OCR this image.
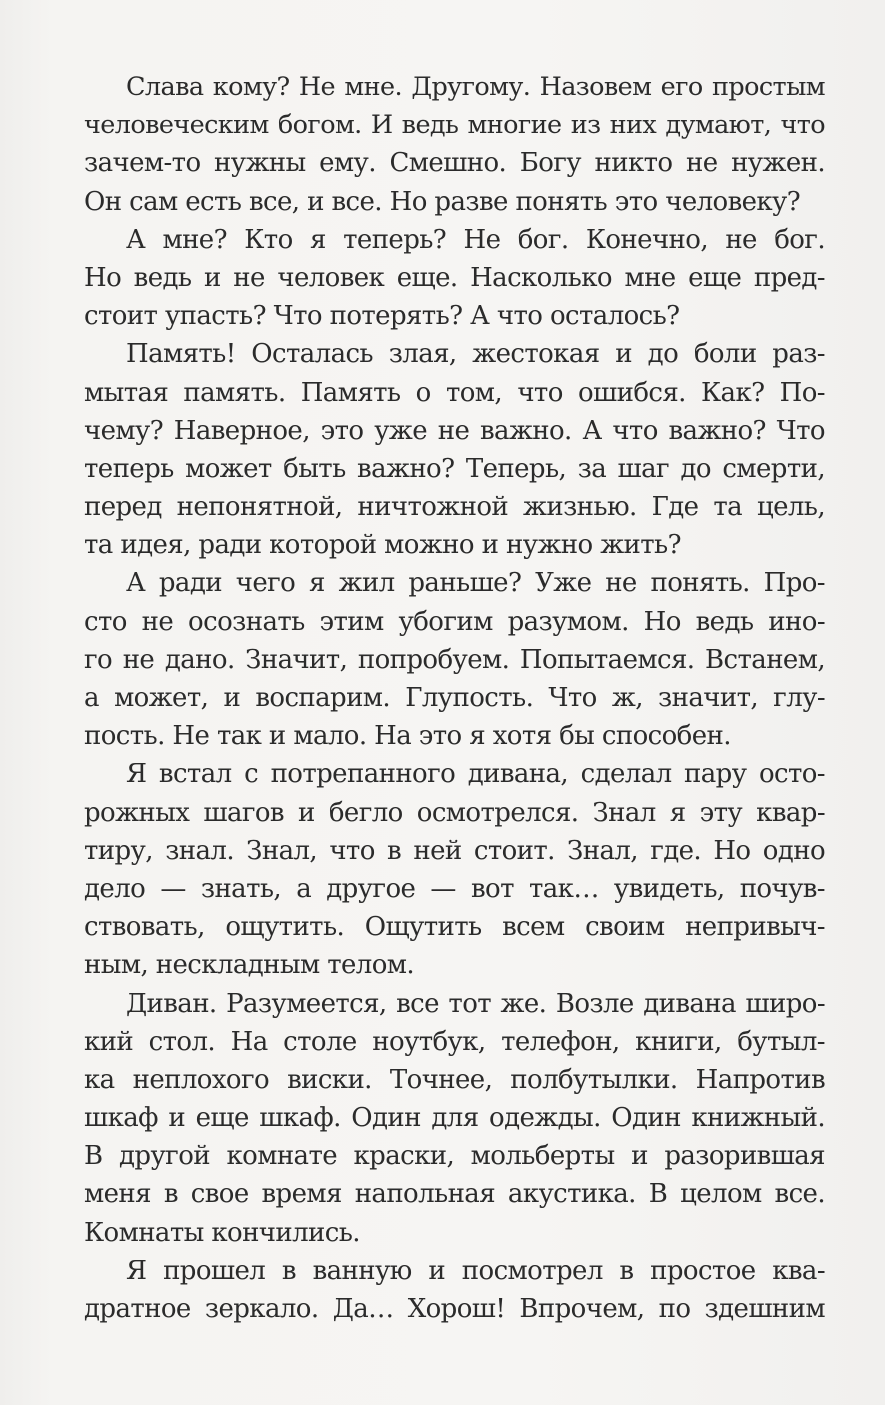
Слава кому? Не мне. Другому. Назовем его простым
человеческим богом. И ведь многие из них думают, что
зачем-то нужны ему. Смешно. Богу никто не нужен.
Он сам есть все, и все. Но разве понять это человеку?
А мне? Кто я теперь? Не бог. Конечно, не бог.
Но ведь и не человек еще. Насколько мне еще пред-
стоит упасть? Что потерять? А что осталось?
Память! Осталась злая, жестокая и до боли раз-
мытая память. Память о том, что ошибся. Как? По-
чему? Наверное, это уже не важно. А что важно? Что
теперь может быть важно? Теперь, за шаг до смерти,
перед непонятной, ничтожной жизнью. Где та цель,
та идея, ради которой можно и нужно жить?
А ради чего я жил раньше? Уже не понять. Про-
сто не осознать этим убогим разумом. Но ведь ино-
го не дано. Значит, попробуем. Попытаемся. Встанем,
а может, и воспарим. Глупость. Что ж, значит, глу-
пость. Не так и мало. На это я хотя бы способен.
Я встал с потрепанного дивана, сделал пару осто-
рожных шагов и бегло осмотрелся. Знал я эту квар-
тиру, знал. Знал, что в ней стоит. Знал, где. Но одно
дело — знать, а другое — вот так… увидеть, почув-
ствовать, ощутить. Ощутить всем своим непривыч-
ным, нескладным телом.
Диван. Разумеется, все тот же. Возле дивана широ-
кий стол. На столе ноутбук, телефон, книги, бутыл-
ка неплохого виски. Точнее, полбутылки. Напротив
шкаф и еще шкаф. Один для одежды. Один книжный.
В другой комнате краски, мольберты и разорившая
меня в свое время напольная акустика. В целом все.
Комнаты кончились.
Я прошел в ванную и посмотрел в простое ква-
дратное зеркало. Да… Хорош! Впрочем, по здешним
